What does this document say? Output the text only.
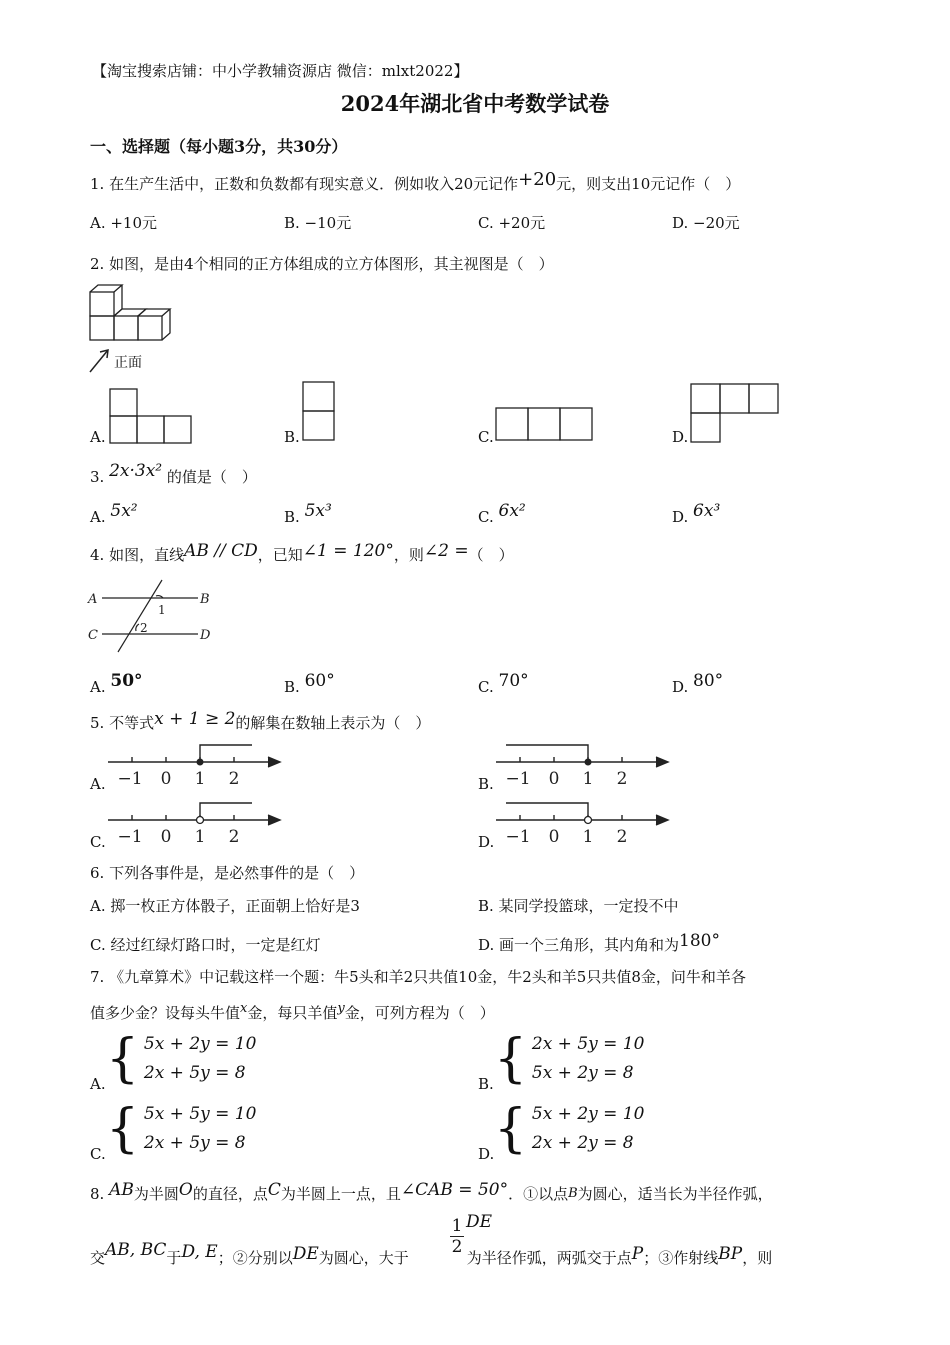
【淘宝搜索店铺：中小学教辅资源店 微信：mlxt2022】
2024年湖北省中考数学试卷
一、选择题（每小题3分，共30分）
1. 在生产生活中，正数和负数都有现实意义．例如收入20元记作+20元，则支出10元记作（　）
A. +10元	B. −10元	C. +20元	D. −20元
2. 如图，是由4个相同的正方体组成的立方体图形，其主视图是（　）
正面
A.	B.	C.	D.
3. 2x·3x² 的值是（　）
A. 5x²	B. 5x³	C. 6x²	D. 6x³
4. 如图，直线AB // CD，已知∠1 = 120°，则∠2 =（　）
A	B
C	D
1
2
A. 50°	B. 60°	C. 70°	D. 80°
5. 不等式x + 1 ≥ 2的解集在数轴上表示为（　）
A. −1 0 1 2	B. −1 0 1 2
C. −1 0 1 2	D. −1 0 1 2
6. 下列各事件是，是必然事件的是（　）
A. 掷一枚正方体骰子，正面朝上恰好是3	B. 某同学投篮球，一定投不中
C. 经过红绿灯路口时，一定是红灯	D. 画一个三角形，其内角和为180°
7. 《九章算术》中记载这样一个题：牛5头和羊2只共值10金，牛2头和羊5只共值8金，问牛和羊各
值多少金？设每头牛值x金，每只羊值y金，可列方程为（　）
A. { 5x + 2y = 10
2x + 5y = 8
B. { 2x + 5y = 10
5x + 2y = 8
C. { 5x + 5y = 10
2x + 5y = 8
D. { 5x + 2y = 10
2x + 2y = 8
8. AB为半圆O的直径，点C为半圆上一点，且∠CAB = 50°．①以点B为圆心，适当长为半径作弧，
$\frac{1}{2}$ DE
交AB, BC于D, E；②分别以DE为圆心，大于	为半径作弧，两弧交于点P；③作射线BP，则
